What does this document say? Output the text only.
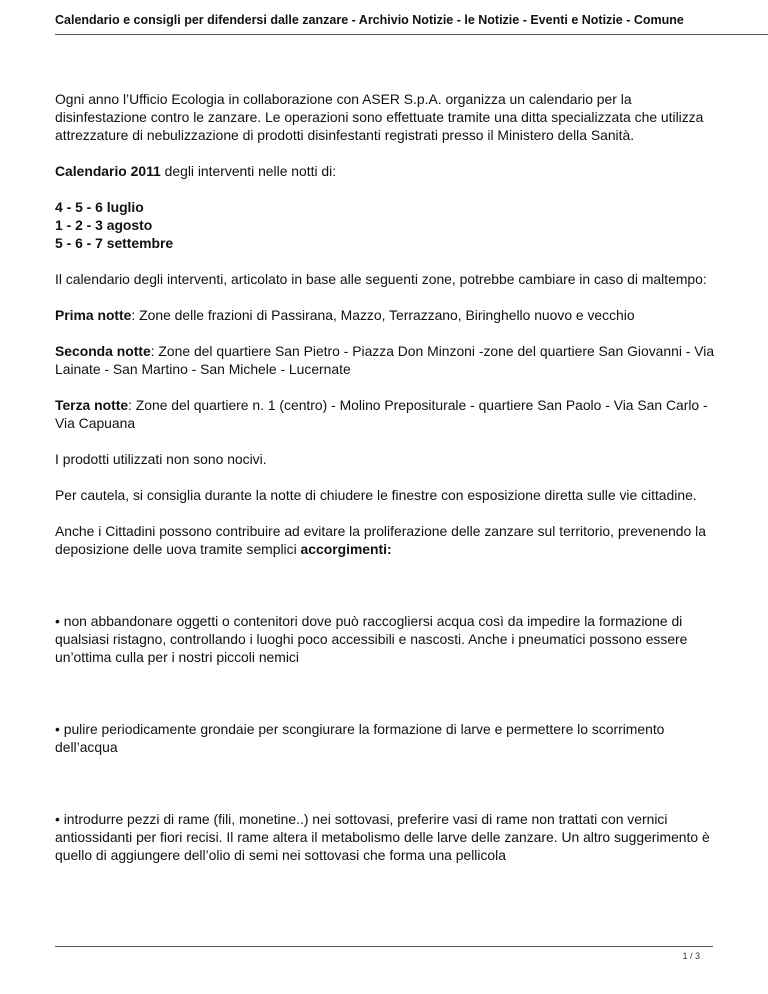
Calendario e consigli per difendersi dalle zanzare - Archivio Notizie - le Notizie - Eventi e Notizie - Comune

Ogni anno l’Ufficio Ecologia in collaborazione con ASER S.p.A. organizza un calendario per la disinfestazione contro le zanzare. Le operazioni sono effettuate tramite una ditta specializzata che utilizza attrezzature di nebulizzazione di prodotti disinfestanti registrati presso il Ministero della Sanità.

Calendario 2011 degli interventi nelle notti di:

4 - 5 - 6 luglio
1 - 2 - 3 agosto
5 - 6 - 7 settembre

Il calendario degli interventi, articolato in base alle seguenti zone, potrebbe cambiare in caso di maltempo:

Prima notte: Zone delle frazioni di Passirana, Mazzo, Terrazzano, Biringhello nuovo e vecchio

Seconda notte: Zone del quartiere San Pietro - Piazza Don Minzoni -zone del quartiere San Giovanni - Via Lainate - San Martino - San Michele - Lucernate

Terza notte: Zone del quartiere n. 1 (centro) - Molino Prepositurale - quartiere San Paolo - Via San Carlo - Via Capuana

I prodotti utilizzati non sono nocivi.

Per cautela, si consiglia durante la notte di chiudere le finestre con esposizione diretta sulle vie cittadine.

Anche i Cittadini possono contribuire ad evitare la proliferazione delle zanzare sul territorio, prevenendo la deposizione delle uova tramite semplici accorgimenti:

• non abbandonare oggetti o contenitori dove può raccogliersi acqua così da impedire la formazione di qualsiasi ristagno, controllando i luoghi poco accessibili e nascosti. Anche i pneumatici possono essere un’ottima culla per i nostri piccoli nemici

• pulire periodicamente grondaie per scongiurare la formazione di larve e permettere lo scorrimento dell’acqua

• introdurre pezzi di rame (fili, monetine..) nei sottovasi, preferire vasi di rame non trattati con vernici antiossidanti per fiori recisi. Il rame altera il metabolismo delle larve delle zanzare. Un altro suggerimento è quello di aggiungere dell’olio di semi nei sottovasi che forma una pellicola

1 / 3
